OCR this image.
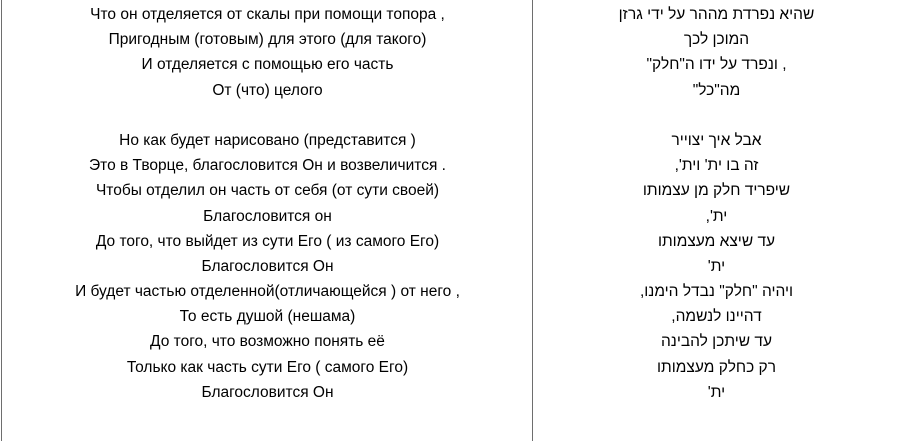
Что он отделяется от скалы при помощи топора ,
Пригодным (готовым) для этого (для такого)
И отделяется с помощью его часть
От (что) целого
Но как будет нарисовано (представится )
Это в Творце, благословится Он и возвеличится .
Чтобы отделил он часть от себя (от сути своей)
Благословится он
До того, что выйдет из сути Его ( из самого Его)
Благословится Он
И будет частью отделенной(отличающейся ) от него ,
То есть душой (нешама)
До того, что возможно понять её
Только как часть сути Его ( самого Его)
Благословится Он
שהיא נפרדת מההר על ידי גרזן
המוכן לכך
, ונפרד על ידו ה"חלק"
מה"כל"
אבל איך יצוייר
זה בו ית' וית',
שיפריד חלק מן עצמותו
ית',
עד שיצא מעצמותו
ית'
ויהיה "חלק" נבדל הימנו,
דהיינו לנשמה,
עד שיתכן להבינה
רק כחלק מעצמותו
ית'
